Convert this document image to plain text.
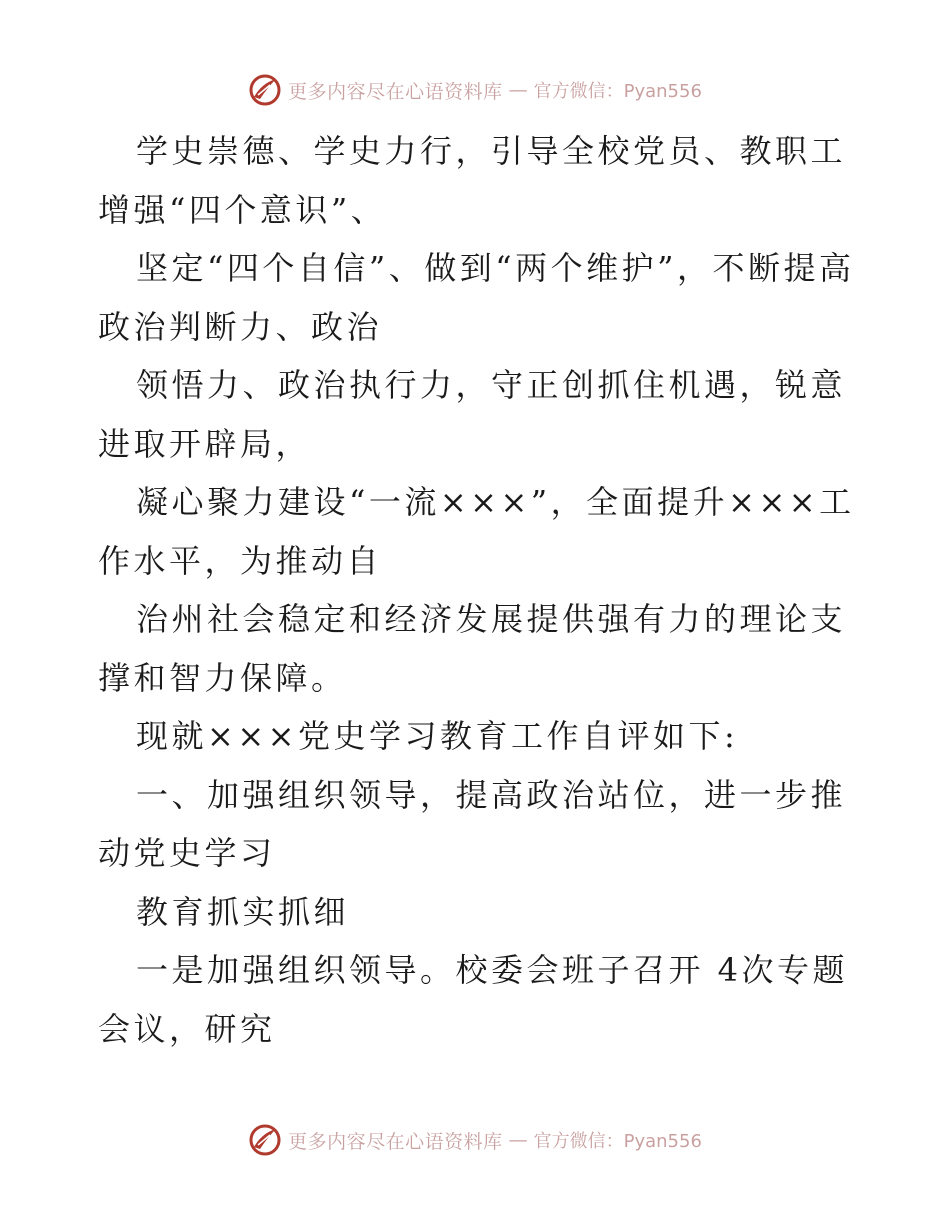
更多内容尽在心语资料库 — 官方微信：Pyan556

学史崇德、学史力行，引导全校党员、教职工增强“四个意识”、

坚定“四个自信”、做到“两个维护”，不断提高政治判断力、政治

领悟力、政治执行力，守正创抓住机遇，锐意进取开辟局，

凝心聚力建设“一流×××”，全面提升×××工作水平，为推动自

治州社会稳定和经济发展提供强有力的理论支撑和智力保障。

现就×××党史学习教育工作自评如下:

一、加强组织领导，提高政治站位，进一步推动党史学习

教育抓实抓细

一是加强组织领导。校委会班子召开 4次专题会议，研究

更多内容尽在心语资料库 — 官方微信：Pyan556
